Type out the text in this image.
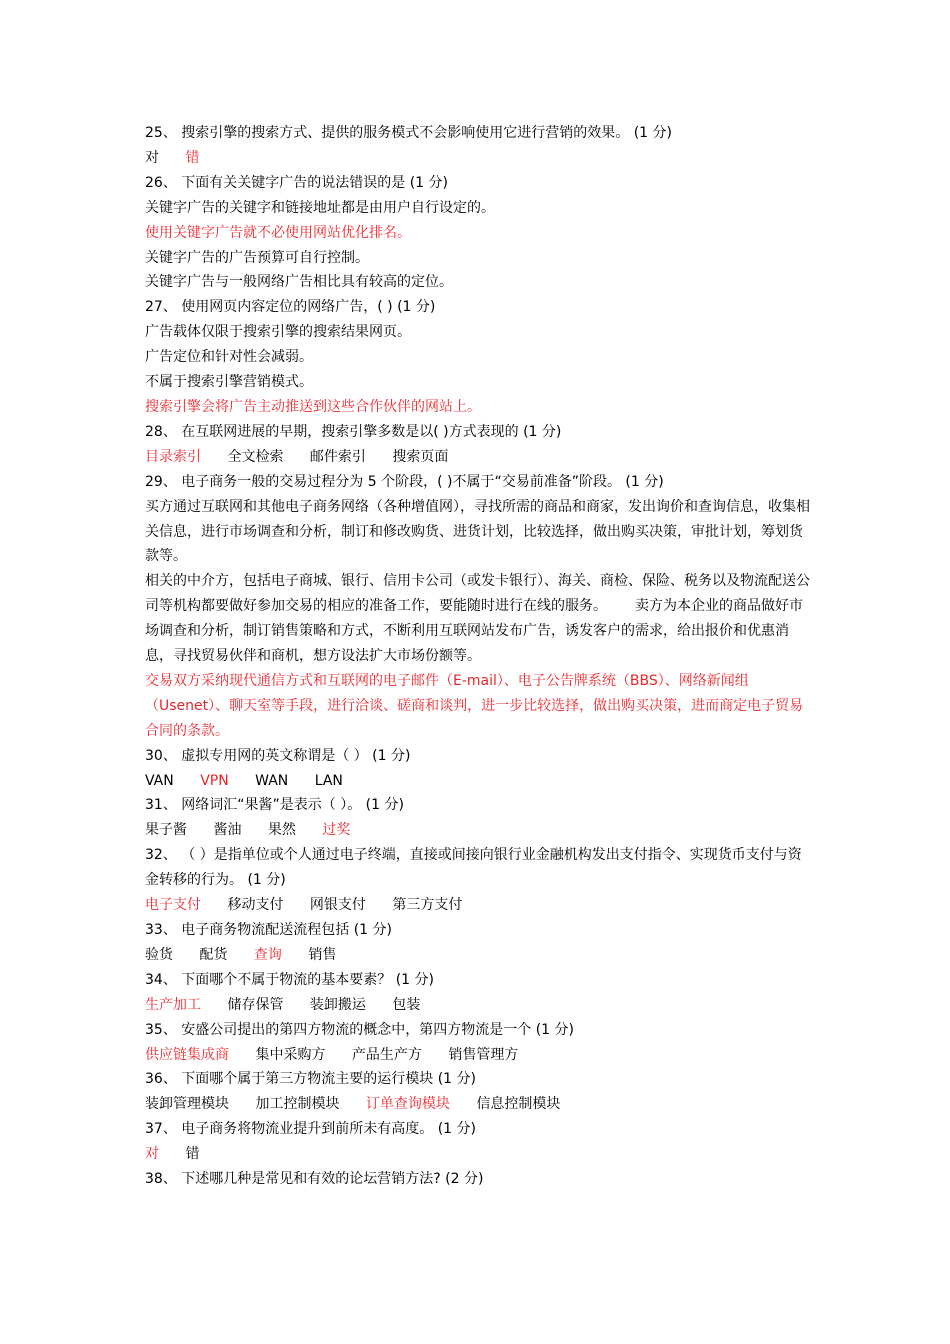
25、 搜索引擎的搜索方式、提供的服务模式不会影响使用它进行营销的效果。 (1 分)
对 错
26、 下面有关关键字广告的说法错误的是 (1 分)
关键字广告的关键字和链接地址都是由用户自行设定的。
使用关键字广告就不必使用网站优化排名。
关键字广告的广告预算可自行控制。
关键字广告与一般网络广告相比具有较高的定位。
27、 使用网页内容定位的网络广告，( ) (1 分)
广告载体仅限于搜索引擎的搜索结果网页。
广告定位和针对性会减弱。
不属于搜索引擎营销模式。
搜索引擎会将广告主动推送到这些合作伙伴的网站上。
28、 在互联网进展的早期，搜索引擎多数是以( )方式表现的 (1 分)
目录索引 全文检索 邮件索引 搜索页面
29、 电子商务一般的交易过程分为 5 个阶段，( )不属于“交易前准备”阶段。 (1 分)
买方通过互联网和其他电子商务网络（各种增值网），寻找所需的商品和商家，发出询价和查询信息，收集相关信息，进行市场调查和分析，制订和修改购货、进货计划，比较选择，做出购买决策，审批计划，筹划货款等。
相关的中介方，包括电子商城、银行、信用卡公司（或发卡银行）、海关、商检、保险、税务以及物流配送公司等机构都要做好参加交易的相应的准备工作，要能随时进行在线的服务。 卖方为本企业的商品做好市场调查和分析，制订销售策略和方式，不断利用互联网站发布广告，诱发客户的需求，给出报价和优惠消息，寻找贸易伙伴和商机，想方设法扩大市场份额等。
交易双方采纳现代通信方式和互联网的电子邮件（E-mail）、电子公告牌系统（BBS）、网络新闻组（Usenet）、聊天室等手段，进行洽谈、磋商和谈判，进一步比较选择，做出购买决策，进而商定电子贸易合同的条款。
30、 虚拟专用网的英文称谓是（ ） (1 分)
VAN VPN WAN LAN
31、 网络词汇“果酱”是表示（ ）。 (1 分)
果子酱 酱油 果然 过奖
32、 （ ）是指单位或个人通过电子终端，直接或间接向银行业金融机构发出支付指令、实现货币支付与资金转移的行为。 (1 分)
电子支付 移动支付 网银支付 第三方支付
33、 电子商务物流配送流程包括 (1 分)
验货 配货 查询 销售
34、 下面哪个不属于物流的基本要素？ (1 分)
生产加工 储存保管 装卸搬运 包装
35、 安盛公司提出的第四方物流的概念中，第四方物流是一个 (1 分)
供应链集成商 集中采购方 产品生产方 销售管理方
36、 下面哪个属于第三方物流主要的运行模块 (1 分)
装卸管理模块 加工控制模块 订单查询模块 信息控制模块
37、 电子商务将物流业提升到前所未有高度。 (1 分)
对 错
38、 下述哪几种是常见和有效的论坛营销方法? (2 分)
